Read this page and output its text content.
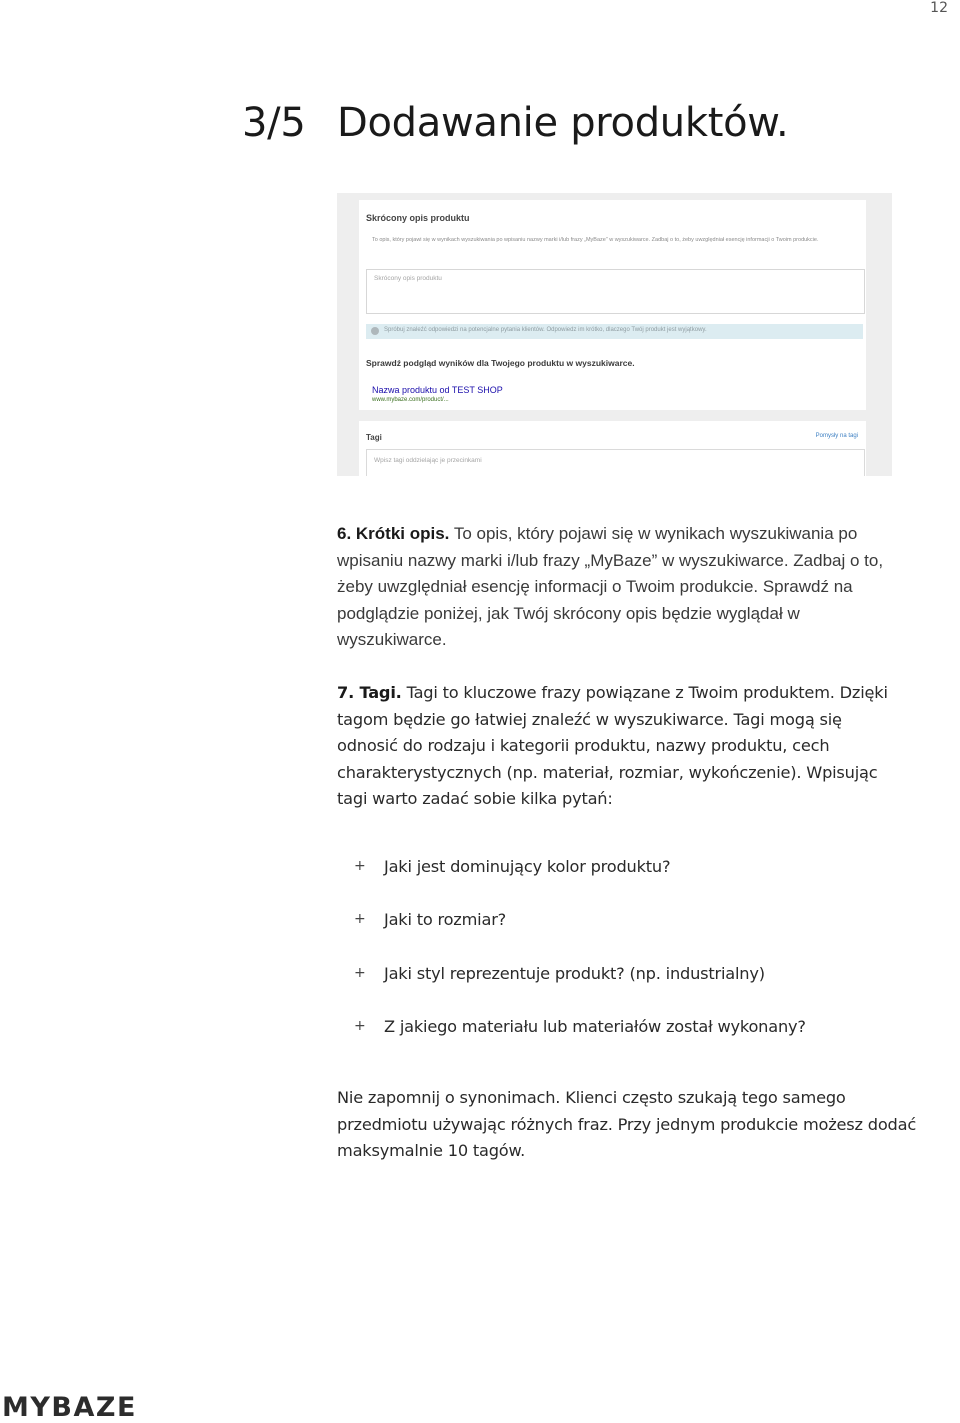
12
3/5 Dodawanie produktów.
Skrócony opis produktu
To opis, który pojawi się w wynikach wyszukiwania po wpisaniu nazwy marki i/lub frazy „MyBaze” w wyszukiwarce. Zadbaj o to, żeby uwzględniał esencję informacji o Twoim produkcie.
Skrócony opis produktu
Spróbuj znaleźć odpowiedzi na potencjalne pytania klientów. Odpowiedz im krótko, dlaczego Twój produkt jest wyjątkowy.
Sprawdź podgląd wyników dla Twojego produktu w wyszukiwarce.
Nazwa produktu od TEST SHOP
www.mybaze.com/product/...
Tagi	Pomysły na tagi
Wpisz tagi oddzielając je przecinkami

6. Krótki opis. To opis, który pojawi się w wynikach wyszukiwania po wpisaniu nazwy marki i/lub frazy „MyBaze” w wyszukiwarce. Zadbaj o to, żeby uwzględniał esencję informacji o Twoim produkcie. Sprawdź na podglądzie poniżej, jak Twój skrócony opis będzie wyglądał w wyszukiwarce.

7. Tagi. Tagi to kluczowe frazy powiązane z Twoim produktem. Dzięki tagom będzie go łatwiej znaleźć w wyszukiwarce. Tagi mogą się odnosić do rodzaju i kategorii produktu, nazwy produktu, cech charakterystycznych (np. materiał, rozmiar, wykończenie). Wpisując tagi warto zadać sobie kilka pytań:

+ Jaki jest dominujący kolor produktu?
+ Jaki to rozmiar?
+ Jaki styl reprezentuje produkt? (np. industrialny)
+ Z jakiego materiału lub materiałów został wykonany?

Nie zapomnij o synonimach. Klienci często szukają tego samego przedmiotu używając różnych fraz. Przy jednym produkcie możesz dodać maksymalnie 10 tagów.

MYBAZE
